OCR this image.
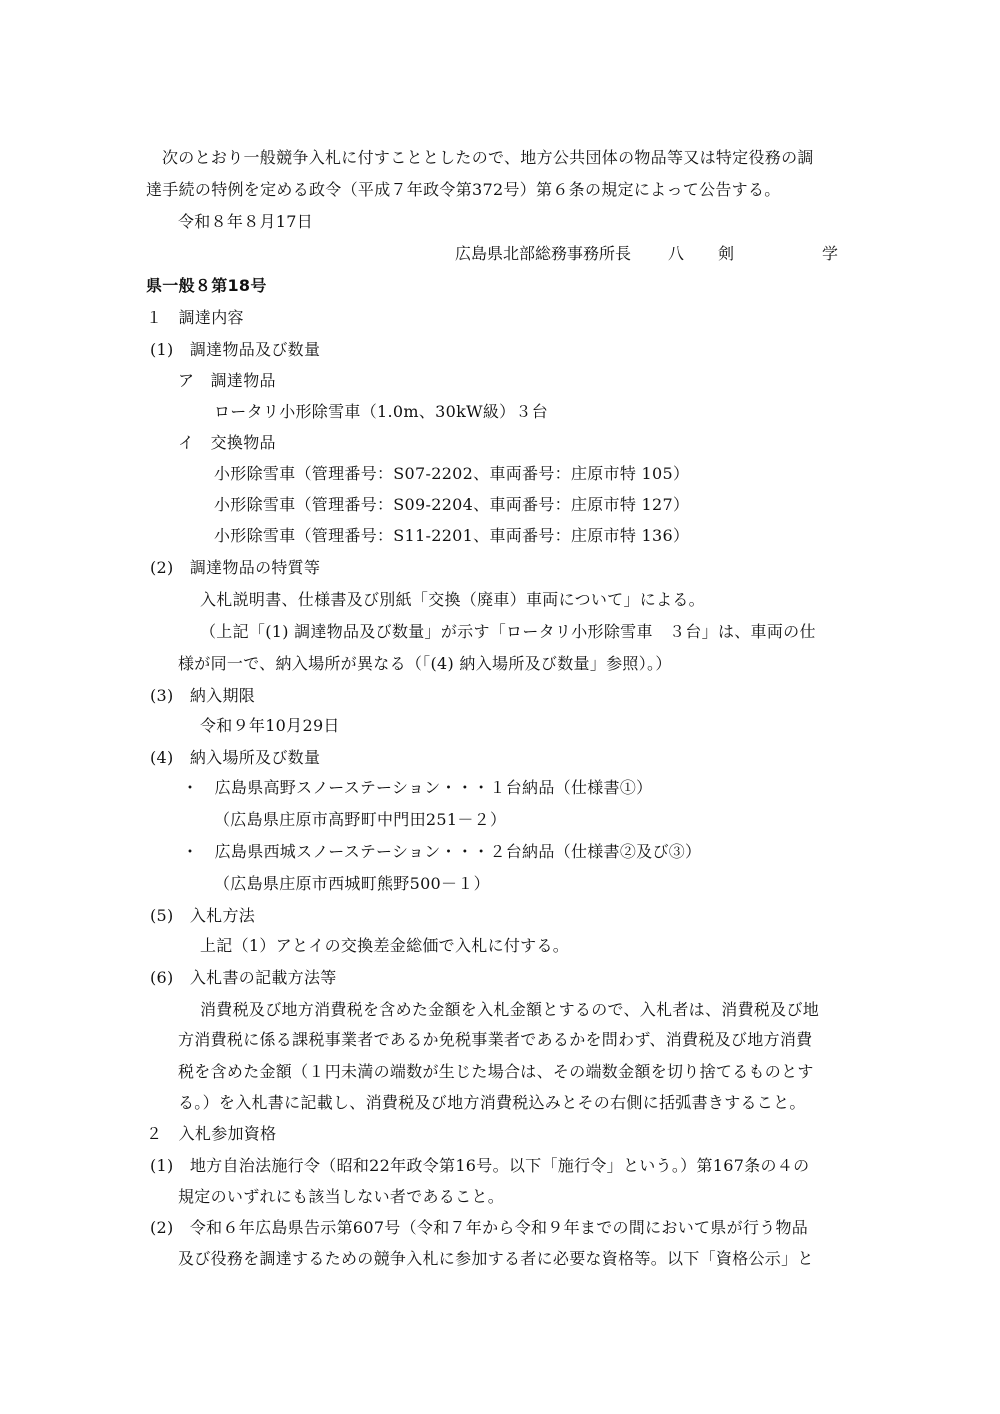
次のとおり一般競争入札に付すこととしたので、地方公共団体の物品等又は特定役務の調
達手続の特例を定める政令（平成７年政令第372号）第６条の規定によって公告する。
令和８年８月17日
広島県北部総務事務所長 八 剣	学
県一般８第18号
１　調達内容
(1)　調達物品及び数量
ア　調達物品
ロータリ小形除雪車（1.0m、30kW級）３台
イ　交換物品
小形除雪車（管理番号：S07-2202、車両番号：庄原市特 105）
小形除雪車（管理番号：S09-2204、車両番号：庄原市特 127）
小形除雪車（管理番号：S11-2201、車両番号：庄原市特 136）
(2)　調達物品の特質等
入札説明書、仕様書及び別紙「交換（廃車）車両について」による。
（上記「(1) 調達物品及び数量」が示す「ロータリ小形除雪車　３台」は、車両の仕
様が同一で、納入場所が異なる（「(4) 納入場所及び数量」参照）。）
(3)　納入期限
令和９年10月29日
(4)　納入場所及び数量
・　広島県高野スノーステーション・・・１台納品（仕様書①）
（広島県庄原市高野町中門田251－２）
・　広島県西城スノーステーション・・・２台納品（仕様書②及び③）
（広島県庄原市西城町熊野500－１）
(5)　入札方法
上記（1）アとイの交換差金総価で入札に付する。
(6)　入札書の記載方法等
消費税及び地方消費税を含めた金額を入札金額とするので、入札者は、消費税及び地
方消費税に係る課税事業者であるか免税事業者であるかを問わず、消費税及び地方消費
税を含めた金額（１円未満の端数が生じた場合は、その端数金額を切り捨てるものとす
る。）を入札書に記載し、消費税及び地方消費税込みとその右側に括弧書きすること。
２　入札参加資格
(1)　地方自治法施行令（昭和22年政令第16号。以下「施行令」という。）第167条の４の
規定のいずれにも該当しない者であること。
(2)　令和６年広島県告示第607号（令和７年から令和９年までの間において県が行う物品
及び役務を調達するための競争入札に参加する者に必要な資格等。以下「資格公示」と
